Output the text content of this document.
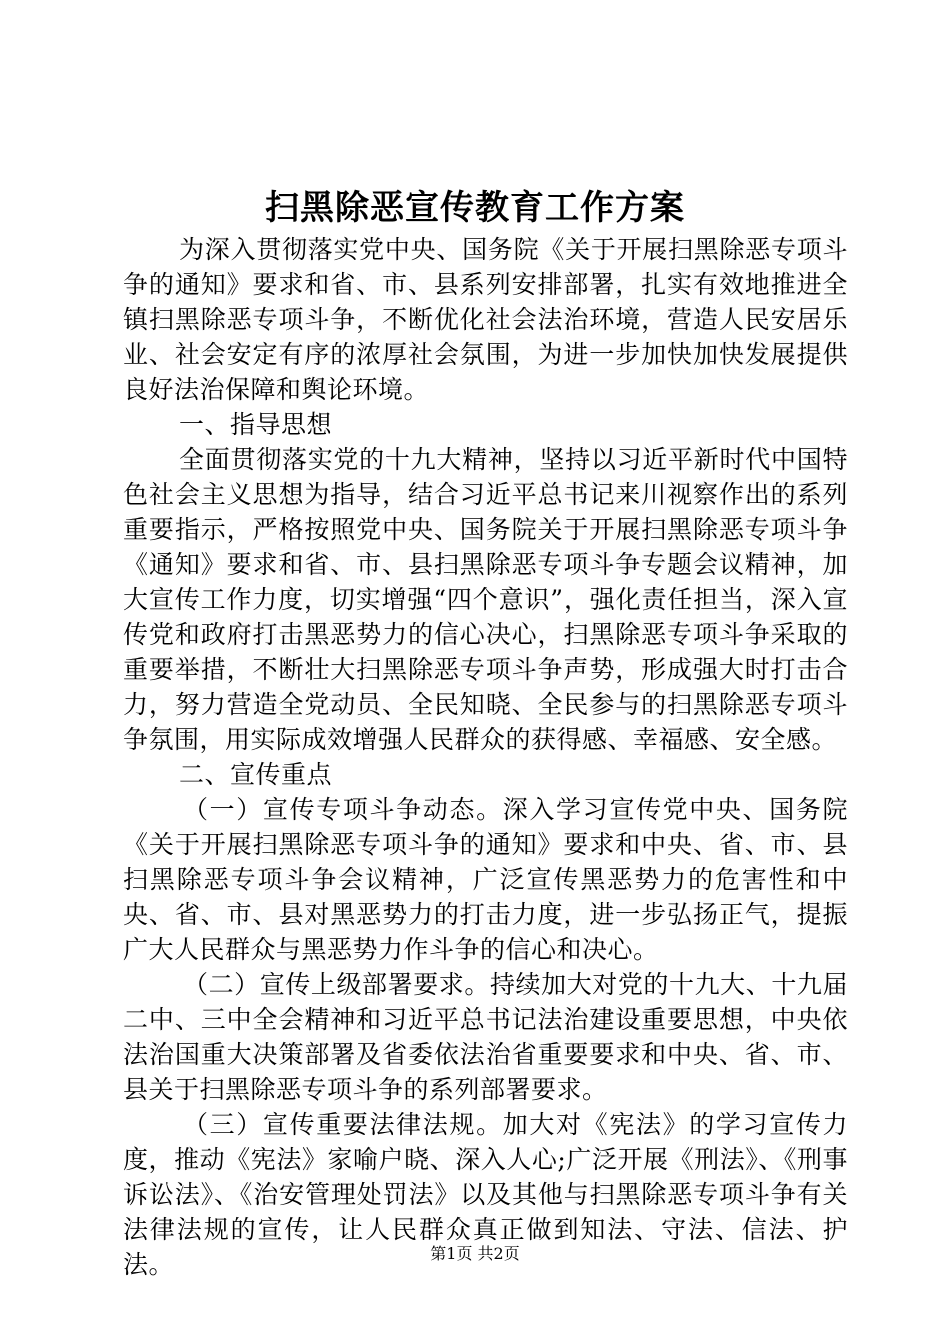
扫黑除恶宣传教育工作方案

为深入贯彻落实党中央、国务院《关于开展扫黑除恶专项斗争的通知》要求和省、市、县系列安排部署，扎实有效地推进全镇扫黑除恶专项斗争，不断优化社会法治环境，营造人民安居乐业、社会安定有序的浓厚社会氛围，为进一步加快加快发展提供良好法治保障和舆论环境。

一、指导思想

全面贯彻落实党的十九大精神，坚持以习近平新时代中国特色社会主义思想为指导，结合习近平总书记来川视察作出的系列重要指示，严格按照党中央、国务院关于开展扫黑除恶专项斗争《通知》要求和省、市、县扫黑除恶专项斗争专题会议精神，加大宣传工作力度，切实增强“四个意识”，强化责任担当，深入宣传党和政府打击黑恶势力的信心决心，扫黑除恶专项斗争采取的重要举措，不断壮大扫黑除恶专项斗争声势，形成强大时打击合力，努力营造全党动员、全民知晓、全民参与的扫黑除恶专项斗争氛围，用实际成效增强人民群众的获得感、幸福感、安全感。

二、宣传重点

（一）宣传专项斗争动态。深入学习宣传党中央、国务院《关于开展扫黑除恶专项斗争的通知》要求和中央、省、市、县扫黑除恶专项斗争会议精神，广泛宣传黑恶势力的危害性和中央、省、市、县对黑恶势力的打击力度，进一步弘扬正气，提振广大人民群众与黑恶势力作斗争的信心和决心。

（二）宣传上级部署要求。持续加大对党的十九大、十九届二中、三中全会精神和习近平总书记法治建设重要思想，中央依法治国重大决策部署及省委依法治省重要要求和中央、省、市、县关于扫黑除恶专项斗争的系列部署要求。

（三）宣传重要法律法规。加大对《宪法》的学习宣传力度，推动《宪法》家喻户晓、深入人心;广泛开展《刑法》、《刑事诉讼法》、《治安管理处罚法》以及其他与扫黑除恶专项斗争有关法律法规的宣传，让人民群众真正做到知法、守法、信法、护法。	第1页 共2页
